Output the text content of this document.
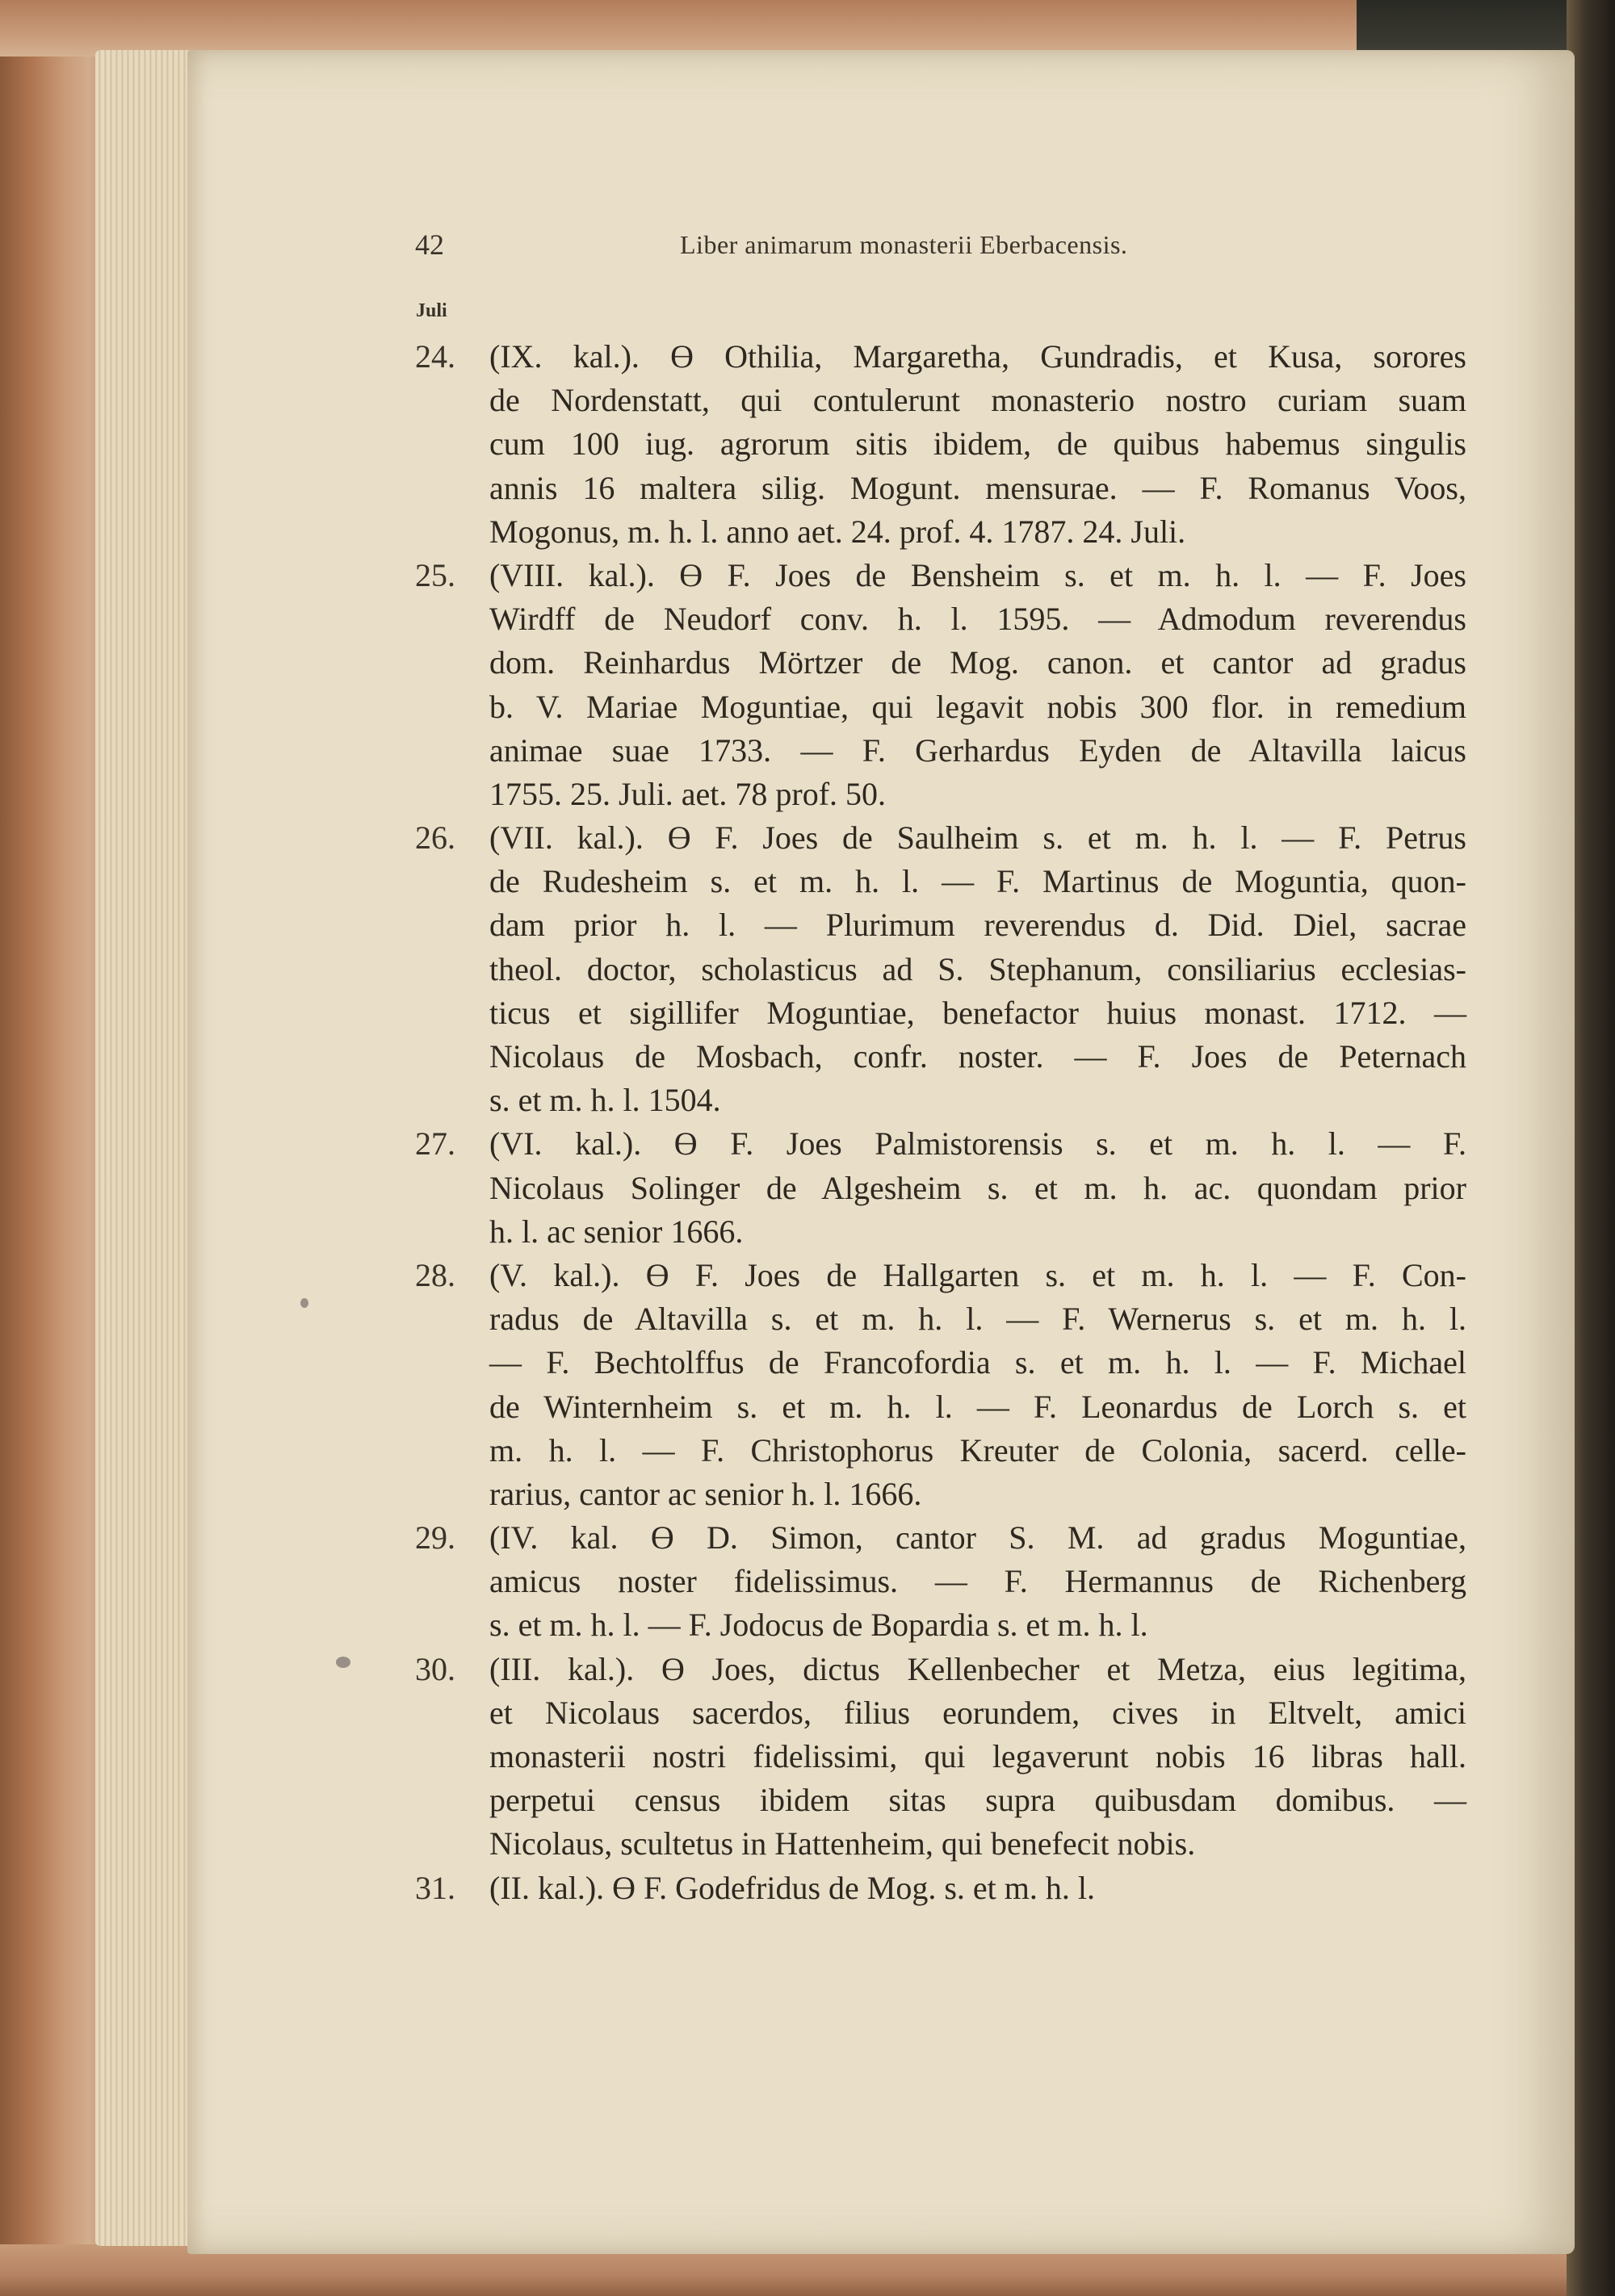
42	Liber animarum monasterii Eberbacensis.
Juli
24. (IX. kal.). ϴ Othilia, Margaretha, Gundradis, et Kusa, sorores
de Nordenstatt, qui contulerunt monasterio nostro curiam suam
cum 100 iug. agrorum sitis ibidem, de quibus habemus singulis
annis 16 maltera silig. Mogunt. mensurae. — F. Romanus Voos,
Mogonus, m. h. l. anno aet. 24. prof. 4. 1787. 24. Juli.
25. (VIII. kal.). ϴ F. Joes de Bensheim s. et m. h. l. — F. Joes
Wirdff de Neudorf conv. h. l. 1595. — Admodum reverendus
dom. Reinhardus Mörtzer de Mog. canon. et cantor ad gradus
b. V. Mariae Moguntiae, qui legavit nobis 300 flor. in remedium
animae suae 1733. — F. Gerhardus Eyden de Altavilla laicus
1755. 25. Juli. aet. 78 prof. 50.
26. (VII. kal.). ϴ F. Joes de Saulheim s. et m. h. l. — F. Petrus
de Rudesheim s. et m. h. l. — F. Martinus de Moguntia, quon-
dam prior h. l. — Plurimum reverendus d. Did. Diel, sacrae
theol. doctor, scholasticus ad S. Stephanum, consiliarius ecclesias-
ticus et sigillifer Moguntiae, benefactor huius monast. 1712. —
Nicolaus de Mosbach, confr. noster. — F. Joes de Peternach
s. et m. h. l. 1504.
27. (VI. kal.). ϴ F. Joes Palmistorensis s. et m. h. l. — F.
Nicolaus Solinger de Algesheim s. et m. h. ac. quondam prior
h. l. ac senior 1666.
28. (V. kal.). ϴ F. Joes de Hallgarten s. et m. h. l. — F. Con-
radus de Altavilla s. et m. h. l. — F. Wernerus s. et m. h. l.
— F. Bechtolffus de Francofordia s. et m. h. l. — F. Michael
de Winternheim s. et m. h. l. — F. Leonardus de Lorch s. et
m. h. l. — F. Christophorus Kreuter de Colonia, sacerd. celle-
rarius, cantor ac senior h. l. 1666.
29. (IV. kal. ϴ D. Simon, cantor S. M. ad gradus Moguntiae,
amicus noster fidelissimus. — F. Hermannus de Richenberg
s. et m. h. l. — F. Jodocus de Bopardia s. et m. h. l.
30. (III. kal.). ϴ Joes, dictus Kellenbecher et Metza, eius legitima,
et Nicolaus sacerdos, filius eorundem, cives in Eltvelt, amici
monasterii nostri fidelissimi, qui legaverunt nobis 16 libras hall.
perpetui census ibidem sitas supra quibusdam domibus. —
Nicolaus, scultetus in Hattenheim, qui benefecit nobis.
31. (II. kal.). ϴ F. Godefridus de Mog. s. et m. h. l.
